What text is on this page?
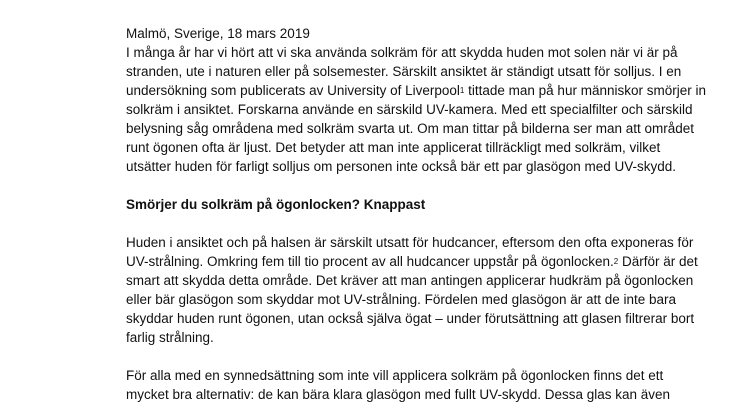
Malmö, Sverige, 18 mars 2019
I många år har vi hört att vi ska använda solkräm för att skydda huden mot solen när vi är på
stranden, ute i naturen eller på solsemester. Särskilt ansiktet är ständigt utsatt för solljus. I en
undersökning som publicerats av University of Liverpool$^1$ tittade man på hur människor smörjer in
solkräm i ansiktet. Forskarna använde en särskild UV-kamera. Med ett specialfilter och särskild
belysning såg områdena med solkräm svarta ut. Om man tittar på bilderna ser man att området
runt ögonen ofta är ljust. Det betyder att man inte applicerat tillräckligt med solkräm, vilket
utsätter huden för farligt solljus om personen inte också bär ett par glasögon med UV-skydd.
Smörjer du solkräm på ögonlocken? Knappast
Huden i ansiktet och på halsen är särskilt utsatt för hudcancer, eftersom den ofta exponeras för
UV-strålning. Omkring fem till tio procent av all hudcancer uppstår på ögonlocken.$^2$ Därför är det
smart att skydda detta område. Det kräver att man antingen applicerar hudkräm på ögonlocken
eller bär glasögon som skyddar mot UV-strålning. Fördelen med glasögon är att de inte bara
skyddar huden runt ögonen, utan också själva ögat – under förutsättning att glasen filtrerar bort
farlig strålning.
För alla med en synnedsättning som inte vill applicera solkräm på ögonlocken finns det ett
mycket bra alternativ: de kan bära klara glasögon med fullt UV-skydd. Dessa glas kan även
